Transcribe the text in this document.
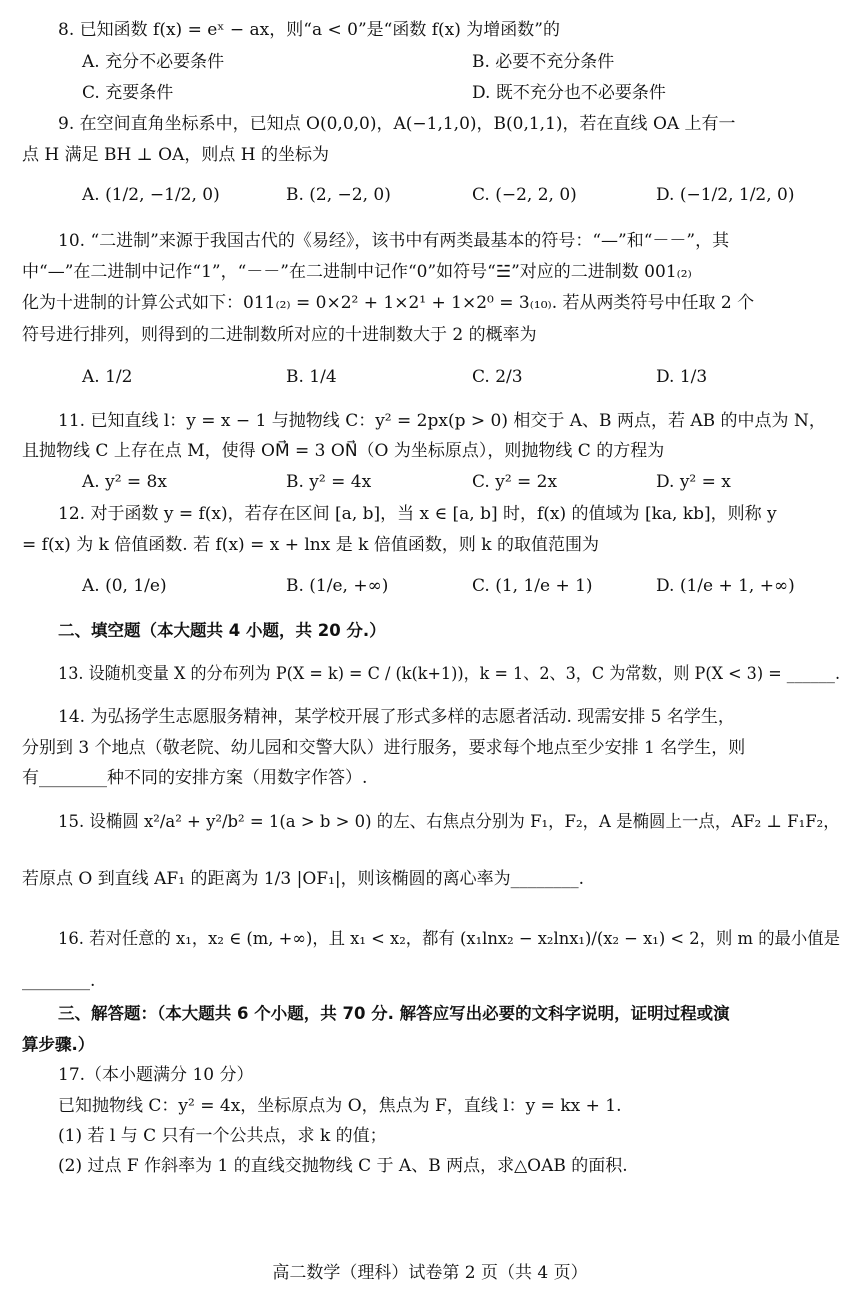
8. 已知函数 f(x) = eˣ − ax，则“a < 0”是“函数 f(x) 为增函数”的
A. 充分不必要条件	B. 必要不充分条件
C. 充要条件	D. 既不充分也不必要条件
9. 在空间直角坐标系中，已知点 O(0,0,0)，A(−1,1,0)，B(0,1,1)，若在直线 OA 上有一
点 H 满足 BH ⊥ OA，则点 H 的坐标为
A. (1/2, −1/2, 0)	B. (2, −2, 0)	C. (−2, 2, 0)	D. (−1/2, 1/2, 0)
10. “二进制”来源于我国古代的《易经》，该书中有两类最基本的符号：“—”和“－－”，其
中“—”在二进制中记作“1”，“－－”在二进制中记作“0”如符号“☱”对应的二进制数 001₍₂₎
化为十进制的计算公式如下：011₍₂₎ = 0×2² + 1×2¹ + 1×2⁰ = 3₍₁₀₎. 若从两类符号中任取 2 个
符号进行排列，则得到的二进制数所对应的十进制数大于 2 的概率为
A. 1/2	B. 1/4	C. 2/3	D. 1/3
11. 已知直线 l：y = x − 1 与抛物线 C：y² = 2px(p > 0) 相交于 A、B 两点，若 AB 的中点为 N，
且抛物线 C 上存在点 M，使得 OM⃗ = 3 ON⃗（O 为坐标原点），则抛物线 C 的方程为
A. y² = 8x	B. y² = 4x	C. y² = 2x	D. y² = x
12. 对于函数 y = f(x)，若存在区间 [a, b]，当 x ∈ [a, b] 时，f(x) 的值域为 [ka, kb]，则称 y
= f(x) 为 k 倍值函数. 若 f(x) = x + lnx 是 k 倍值函数，则 k 的取值范围为
A. (0, 1/e)	B. (1/e, +∞)	C. (1, 1/e + 1)	D. (1/e + 1, +∞)
二、填空题（本大题共 4 小题，共 20 分.）
13. 设随机变量 X 的分布列为 P(X = k) = C / (k(k+1))，k = 1、2、3，C 为常数，则 P(X < 3) = ______.
14. 为弘扬学生志愿服务精神，某学校开展了形式多样的志愿者活动. 现需安排 5 名学生，
分别到 3 个地点（敬老院、幼儿园和交警大队）进行服务，要求每个地点至少安排 1 名学生，则
有________种不同的安排方案（用数字作答）.
15. 设椭圆 x²/a² + y²/b² = 1(a > b > 0) 的左、右焦点分别为 F₁，F₂，A 是椭圆上一点，AF₂ ⊥ F₁F₂，
若原点 O 到直线 AF₁ 的距离为 1/3 |OF₁|，则该椭圆的离心率为________.
16. 若对任意的 x₁，x₂ ∈ (m, +∞)，且 x₁ < x₂，都有 (x₁lnx₂ − x₂lnx₁)/(x₂ − x₁) < 2，则 m 的最小值是
________.
三、解答题：（本大题共 6 个小题，共 70 分. 解答应写出必要的文科字说明，证明过程或演
算步骤.）
17.（本小题满分 10 分）
已知抛物线 C：y² = 4x，坐标原点为 O，焦点为 F，直线 l：y = kx + 1.
(1) 若 l 与 C 只有一个公共点，求 k 的值；
(2) 过点 F 作斜率为 1 的直线交抛物线 C 于 A、B 两点，求△OAB 的面积.
高二数学（理科）试卷第 2 页（共 4 页）
